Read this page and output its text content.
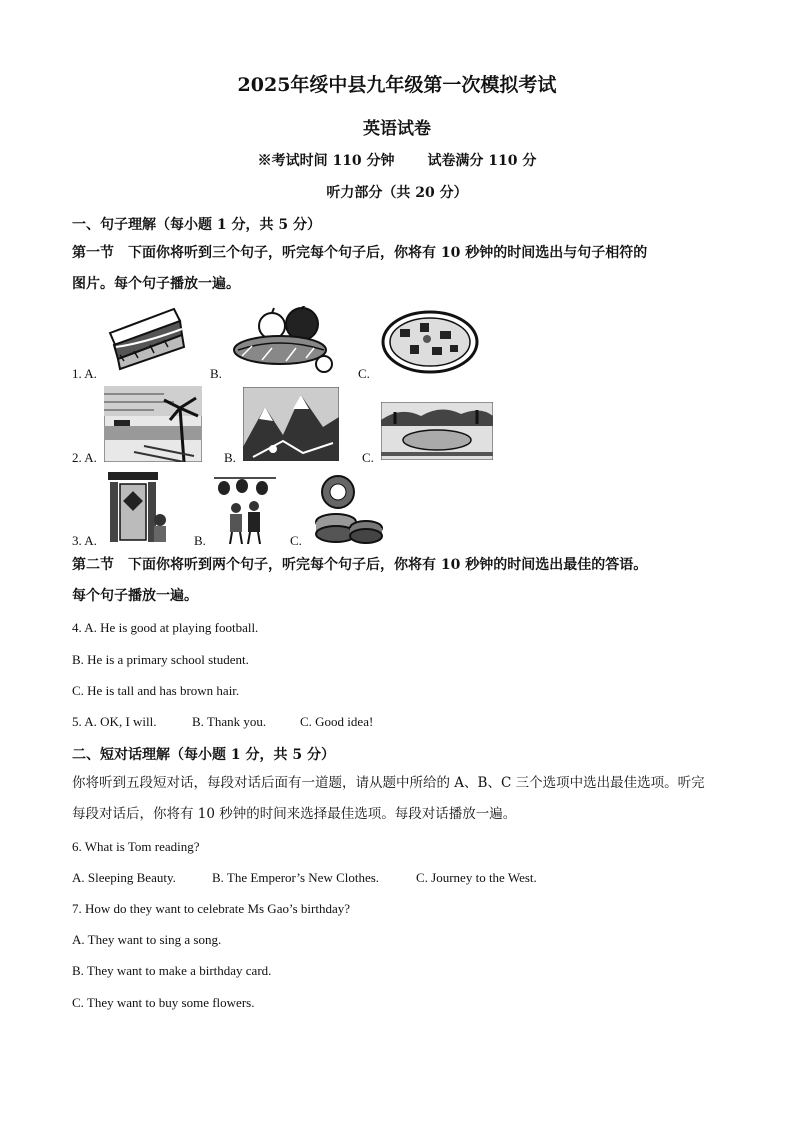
2025年绥中县九年级第一次模拟考试
英语试卷
※考试时间 110 分钟 试卷满分 110 分
听力部分（共 20 分）
一、句子理解（每小题 1 分，共 5 分）
第一节　下面你将听到三个句子，听完每个句子后，你将有 10 秒钟的时间选出与句子相符的
图片。每个句子播放一遍。
1. A.	B.	C.
2. A.	B.	C.
3. A.	B.	C.
第二节　下面你将听到两个句子，听完每个句子后，你将有 10 秒钟的时间选出最佳的答语。
每个句子播放一遍。
4. A. He is good at playing football.
B. He is a primary school student.
C. He is tall and has brown hair.
5. A. OK, I will.	B. Thank you.	C. Good idea!
二、短对话理解（每小题 1 分，共 5 分）
你将听到五段短对话，每段对话后面有一道题，请从题中所给的 A、B、C 三个选项中选出最佳选项。听完
每段对话后，你将有 10 秒钟的时间来选择最佳选项。每段对话播放一遍。
6. What is Tom reading?
A. Sleeping Beauty.	B. The Emperor’s New Clothes.	C. Journey to the West.
7. How do they want to celebrate Ms Gao’s birthday?
A. They want to sing a song.
B. They want to make a birthday card.
C. They want to buy some flowers.
